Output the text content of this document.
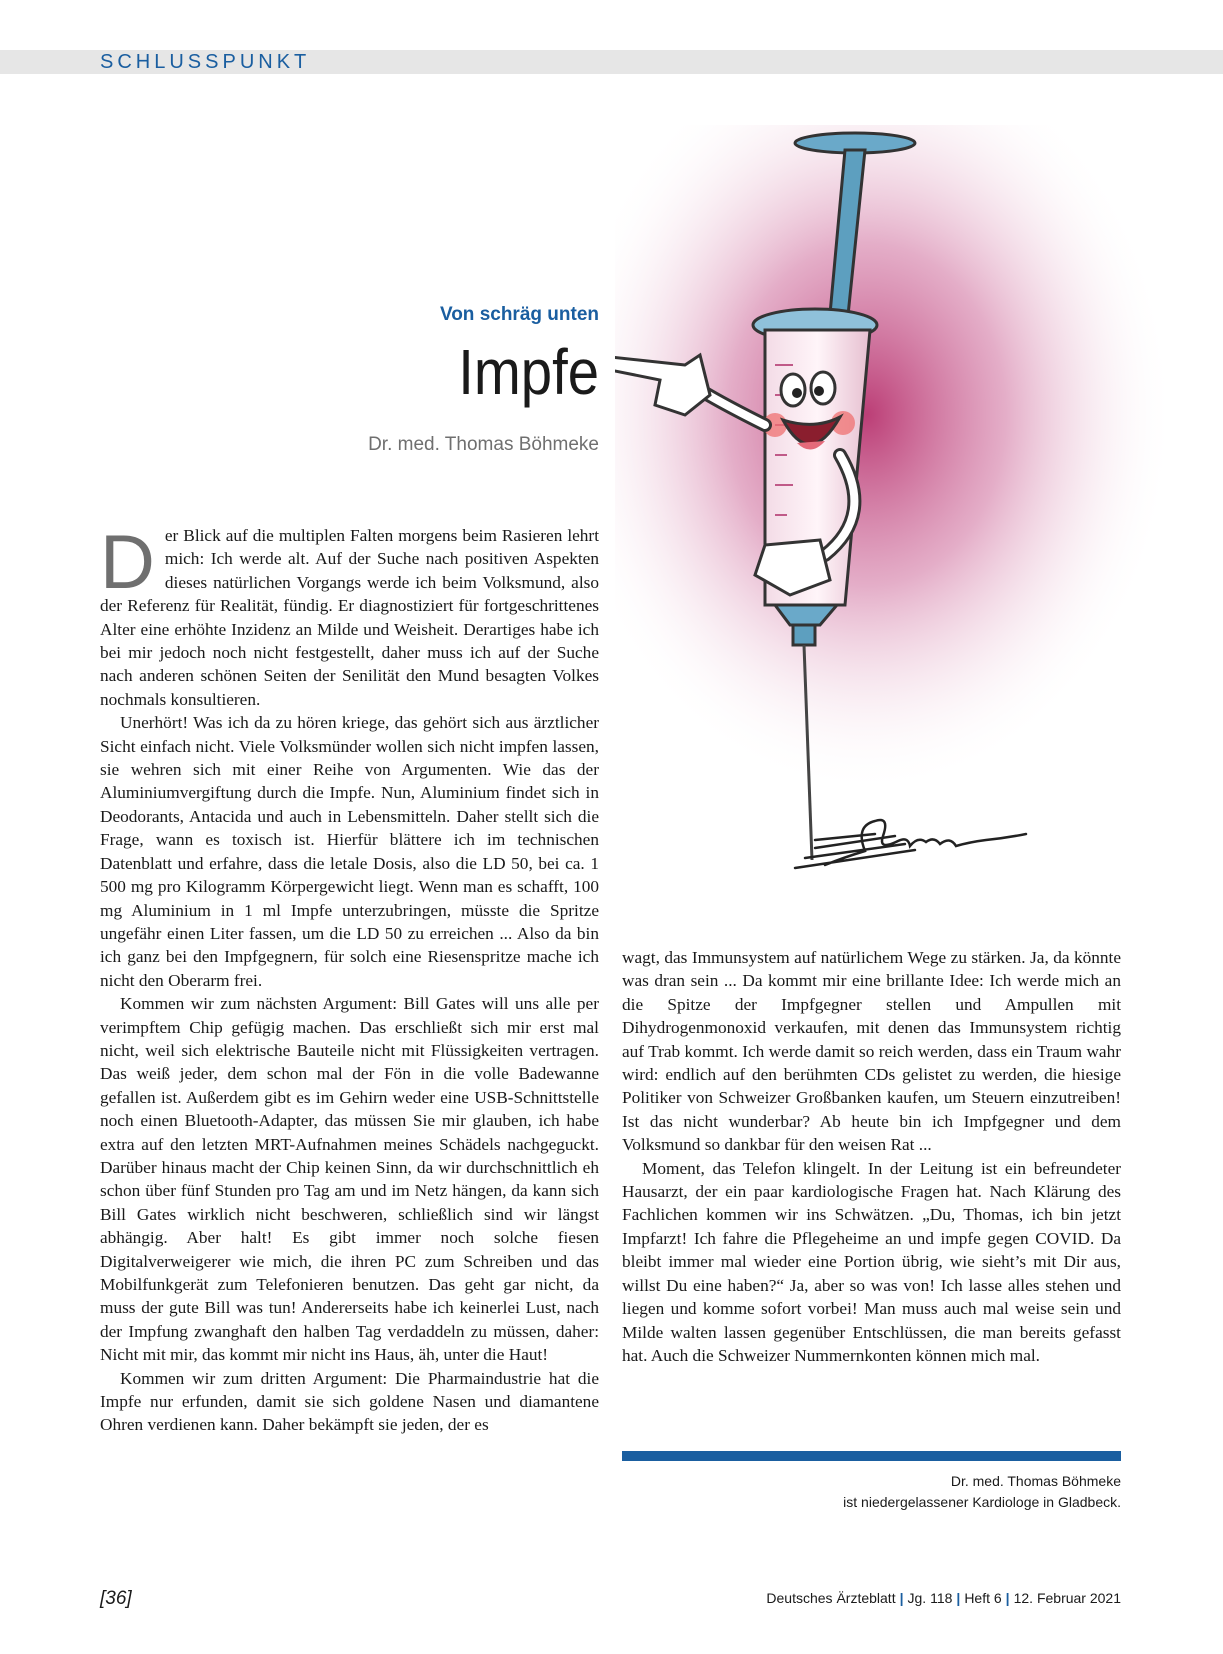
SCHLUSSPUNKT
Von schräg unten
Impfe
Dr. med. Thomas Böhmeke
D er Blick auf die multiplen Falten morgens beim Rasieren lehrt mich: Ich werde alt. Auf der Suche nach positiven Aspekten dieses natürlichen Vorgangs werde ich beim Volksmund, also der Referenz für Realität, fündig. Er diagnostiziert für fortgeschrittenes Alter eine erhöhte Inzidenz an Milde und Weisheit. Derartiges habe ich bei mir jedoch noch nicht festgestellt, daher muss ich auf der Suche nach anderen schönen Seiten der Senilität den Mund besagten Volkes nochmals konsultieren.

Unerhört! Was ich da zu hören kriege, das gehört sich aus ärztlicher Sicht einfach nicht. Viele Volksmünder wollen sich nicht impfen lassen, sie wehren sich mit einer Reihe von Argumenten. Wie das der Aluminiumvergiftung durch die Impfe. Nun, Aluminium findet sich in Deodorants, Antacida und auch in Lebensmitteln. Daher stellt sich die Frage, wann es toxisch ist. Hierfür blättere ich im technischen Datenblatt und erfahre, dass die letale Dosis, also die LD 50, bei ca. 1 500 mg pro Kilogramm Körpergewicht liegt. Wenn man es schafft, 100 mg Aluminium in 1 ml Impfe unterzubringen, müsste die Spritze ungefähr einen Liter fassen, um die LD 50 zu erreichen ... Also da bin ich ganz bei den Impfgegnern, für solch eine Riesenspritze mache ich nicht den Oberarm frei.

Kommen wir zum nächsten Argument: Bill Gates will uns alle per verimpftem Chip gefügig machen. Das erschließt sich mir erst mal nicht, weil sich elektrische Bauteile nicht mit Flüssigkeiten vertragen. Das weiß jeder, dem schon mal der Fön in die volle Badewanne gefallen ist. Außerdem gibt es im Gehirn weder eine USB-Schnittstelle noch einen Bluetooth-Adapter, das müssen Sie mir glauben, ich habe extra auf den letzten MRT-Aufnahmen meines Schädels nachgeguckt. Darüber hinaus macht der Chip keinen Sinn, da wir durchschnittlich eh schon über fünf Stunden pro Tag am und im Netz hängen, da kann sich Bill Gates wirklich nicht beschweren, schließlich sind wir längst abhängig. Aber halt! Es gibt immer noch solche fiesen Digitalverweigerer wie mich, die ihren PC zum Schreiben und das Mobilfunkgerät zum Telefonieren benutzen. Das geht gar nicht, da muss der gute Bill was tun! Andererseits habe ich keinerlei Lust, nach der Impfung zwanghaft den halben Tag verdaddeln zu müssen, daher: Nicht mit mir, das kommt mir nicht ins Haus, äh, unter die Haut!

Kommen wir zum dritten Argument: Die Pharmaindustrie hat die Impfe nur erfunden, damit sie sich goldene Nasen und diamantene Ohren verdienen kann. Daher bekämpft sie jeden, der es

wagt, das Immunsystem auf natürlichem Wege zu stärken. Ja, da könnte was dran sein ... Da kommt mir eine brillante Idee: Ich werde mich an die Spitze der Impfgegner stellen und Ampullen mit Dihydrogenmonoxid verkaufen, mit denen das Immunsystem richtig auf Trab kommt. Ich werde damit so reich werden, dass ein Traum wahr wird: endlich auf den berühmten CDs gelistet zu werden, die hiesige Politiker von Schweizer Großbanken kaufen, um Steuern einzutreiben! Ist das nicht wunderbar? Ab heute bin ich Impfgegner und dem Volksmund so dankbar für den weisen Rat ...

Moment, das Telefon klingelt. In der Leitung ist ein befreundeter Hausarzt, der ein paar kardiologische Fragen hat. Nach Klärung des Fachlichen kommen wir ins Schwätzen. „Du, Thomas, ich bin jetzt Impfarzt! Ich fahre die Pflegeheime an und impfe gegen COVID. Da bleibt immer mal wieder eine Portion übrig, wie sieht’s mit Dir aus, willst Du eine haben?“ Ja, aber so was von! Ich lasse alles stehen und liegen und komme sofort vorbei! Man muss auch mal weise sein und Milde walten lassen gegenüber Entschlüssen, die man bereits gefasst hat. Auch die Schweizer Nummernkonten können mich mal.

Dr. med. Thomas Böhmeke
ist niedergelassener Kardiologe in Gladbeck.
[36]	Deutsches Ärzteblatt | Jg. 118 | Heft 6 | 12. Februar 2021
